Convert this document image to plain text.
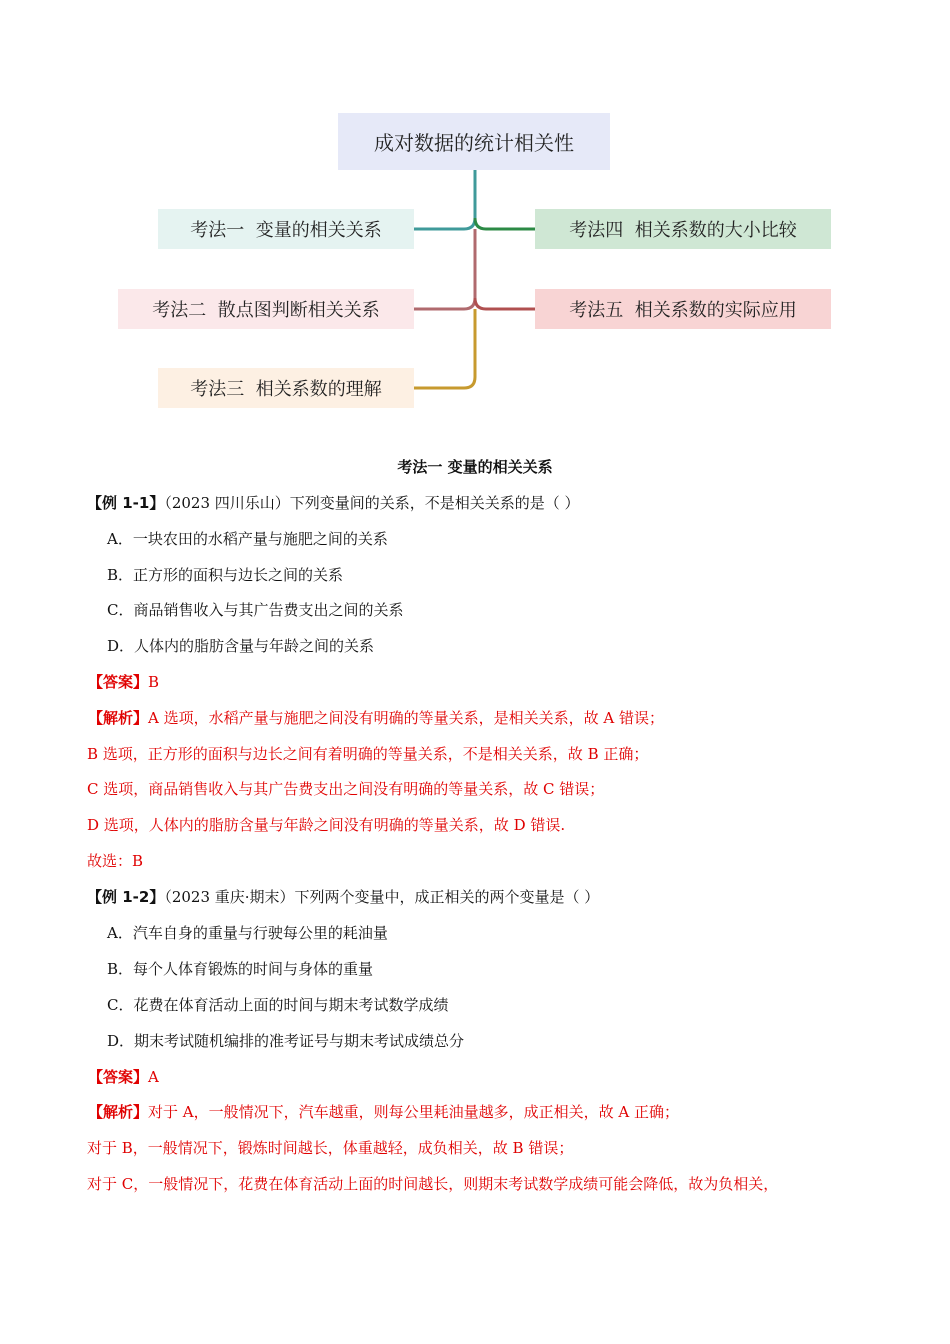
成对数据的统计相关性
考法一  变量的相关关系
考法二  散点图判断相关关系
考法三  相关系数的理解
考法四  相关系数的大小比较
考法五  相关系数的实际应用
考法一 变量的相关关系
【例 1-1】（2023 四川乐山）下列变量间的关系，不是相关关系的是（ ）
A．一块农田的水稻产量与施肥之间的关系
B．正方形的面积与边长之间的关系
C．商品销售收入与其广告费支出之间的关系
D．人体内的脂肪含量与年龄之间的关系
【答案】B
【解析】A 选项，水稻产量与施肥之间没有明确的等量关系，是相关关系，故 A 错误；
B 选项，正方形的面积与边长之间有着明确的等量关系，不是相关关系，故 B 正确；
C 选项，商品销售收入与其广告费支出之间没有明确的等量关系，故 C 错误；
D 选项，人体内的脂肪含量与年龄之间没有明确的等量关系，故 D 错误.
故选：B
【例 1-2】（2023 重庆·期末）下列两个变量中，成正相关的两个变量是（ ）
A．汽车自身的重量与行驶每公里的耗油量
B．每个人体育锻炼的时间与身体的重量
C．花费在体育活动上面的时间与期末考试数学成绩
D．期末考试随机编排的准考证号与期末考试成绩总分
【答案】A
【解析】对于 A，一般情况下，汽车越重，则每公里耗油量越多，成正相关，故 A 正确；
对于 B，一般情况下，锻炼时间越长，体重越轻，成负相关，故 B 错误；
对于 C，一般情况下，花费在体育活动上面的时间越长，则期末考试数学成绩可能会降低，故为负相关，
